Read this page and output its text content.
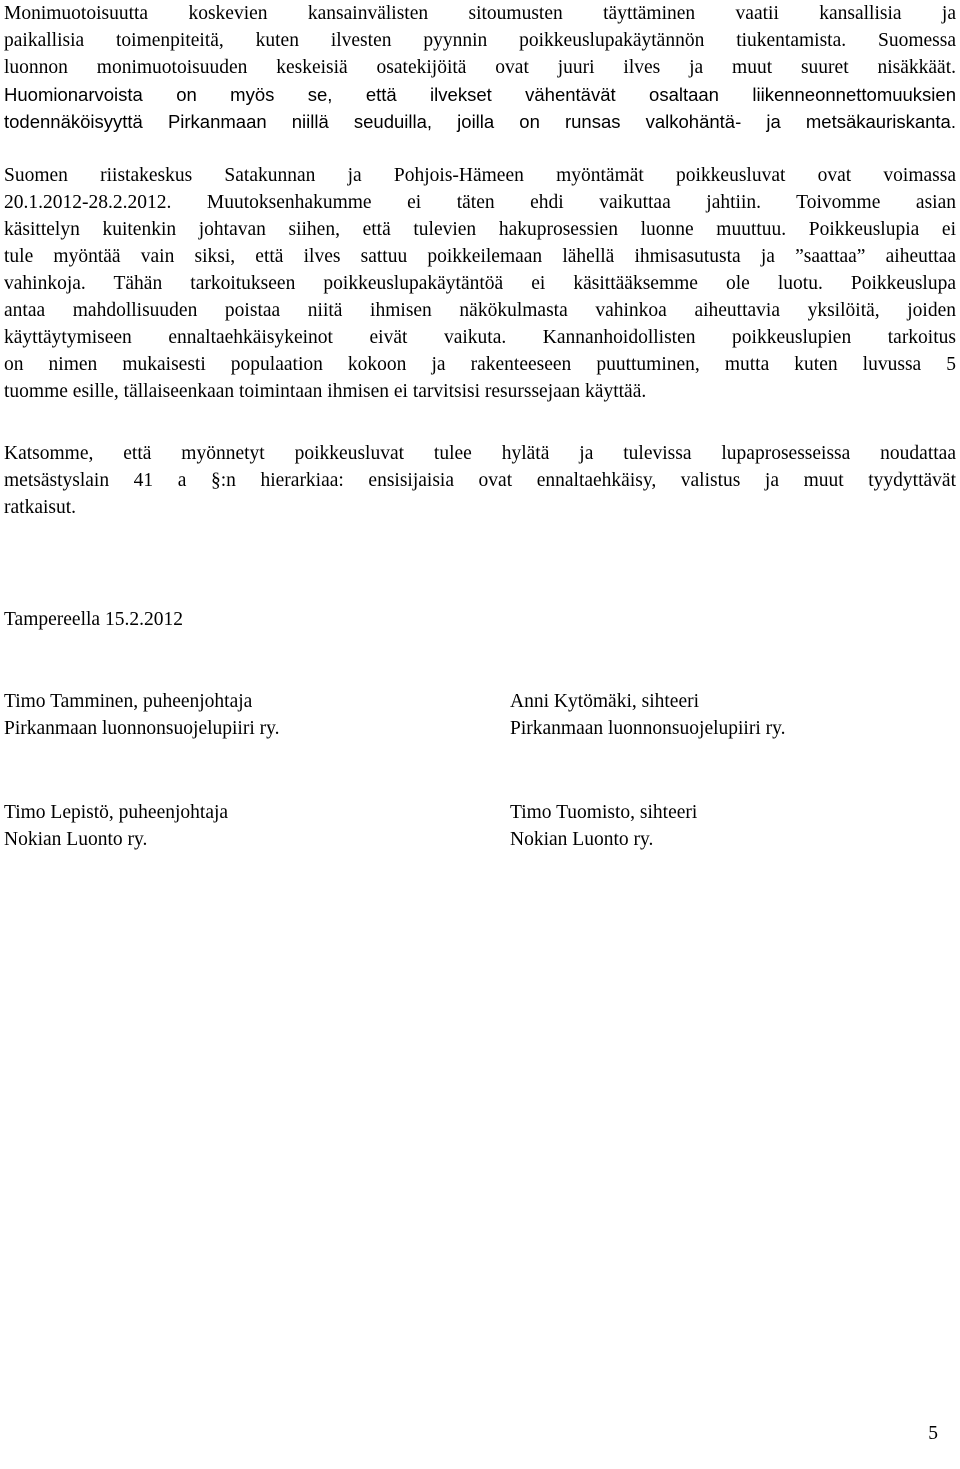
Monimuotoisuutta koskevien kansainvälisten sitoumusten täyttäminen vaatii kansallisia ja
paikallisia toimenpiteitä, kuten ilvesten pyynnin poikkeuslupakäytännön tiukentamista. Suomessa
luonnon monimuotoisuuden keskeisiä osatekijöitä ovat juuri ilves ja muut suuret nisäkkäät.
Huomionarvoista on myös se, että ilvekset vähentävät osaltaan liikenneonnettomuuksien
todennäköisyyttä Pirkanmaan niillä seuduilla, joilla on runsas valkohäntä- ja metsäkauriskanta.
Suomen riistakeskus Satakunnan ja Pohjois-Hämeen myöntämät poikkeusluvat ovat voimassa
20.1.2012-28.2.2012. Muutoksenhakumme ei täten ehdi vaikuttaa jahtiin. Toivomme asian
käsittelyn kuitenkin johtavan siihen, että tulevien hakuprosessien luonne muuttuu. Poikkeuslupia ei
tule myöntää vain siksi, että ilves sattuu poikkeilemaan lähellä ihmisasutusta ja ”saattaa” aiheuttaa
vahinkoja. Tähän tarkoitukseen poikkeuslupakäytäntöä ei käsittääksemme ole luotu. Poikkeuslupa
antaa mahdollisuuden poistaa niitä ihmisen näkökulmasta vahinkoa aiheuttavia yksilöitä, joiden
käyttäytymiseen ennaltaehkäisykeinot eivät vaikuta. Kannanhoidollisten poikkeuslupien tarkoitus
on nimen mukaisesti populaation kokoon ja rakenteeseen puuttuminen, mutta kuten luvussa 5
tuomme esille, tällaiseenkaan toimintaan ihmisen ei tarvitsisi resurssejaan käyttää.
Katsomme, että myönnetyt poikkeusluvat tulee hylätä ja tulevissa lupaprosesseissa noudattaa
metsästyslain 41 a §:n hierarkiaa: ensisijaisia ovat ennaltaehkäisy, valistus ja muut tyydyttävät
ratkaisut.
Tampereella 15.2.2012
Timo Tamminen, puheenjohtaja
Pirkanmaan luonnonsuojelupiiri ry.
Anni Kytömäki, sihteeri
Pirkanmaan luonnonsuojelupiiri ry.
Timo Lepistö, puheenjohtaja
Nokian Luonto ry.
Timo Tuomisto, sihteeri
Nokian Luonto ry.
5
